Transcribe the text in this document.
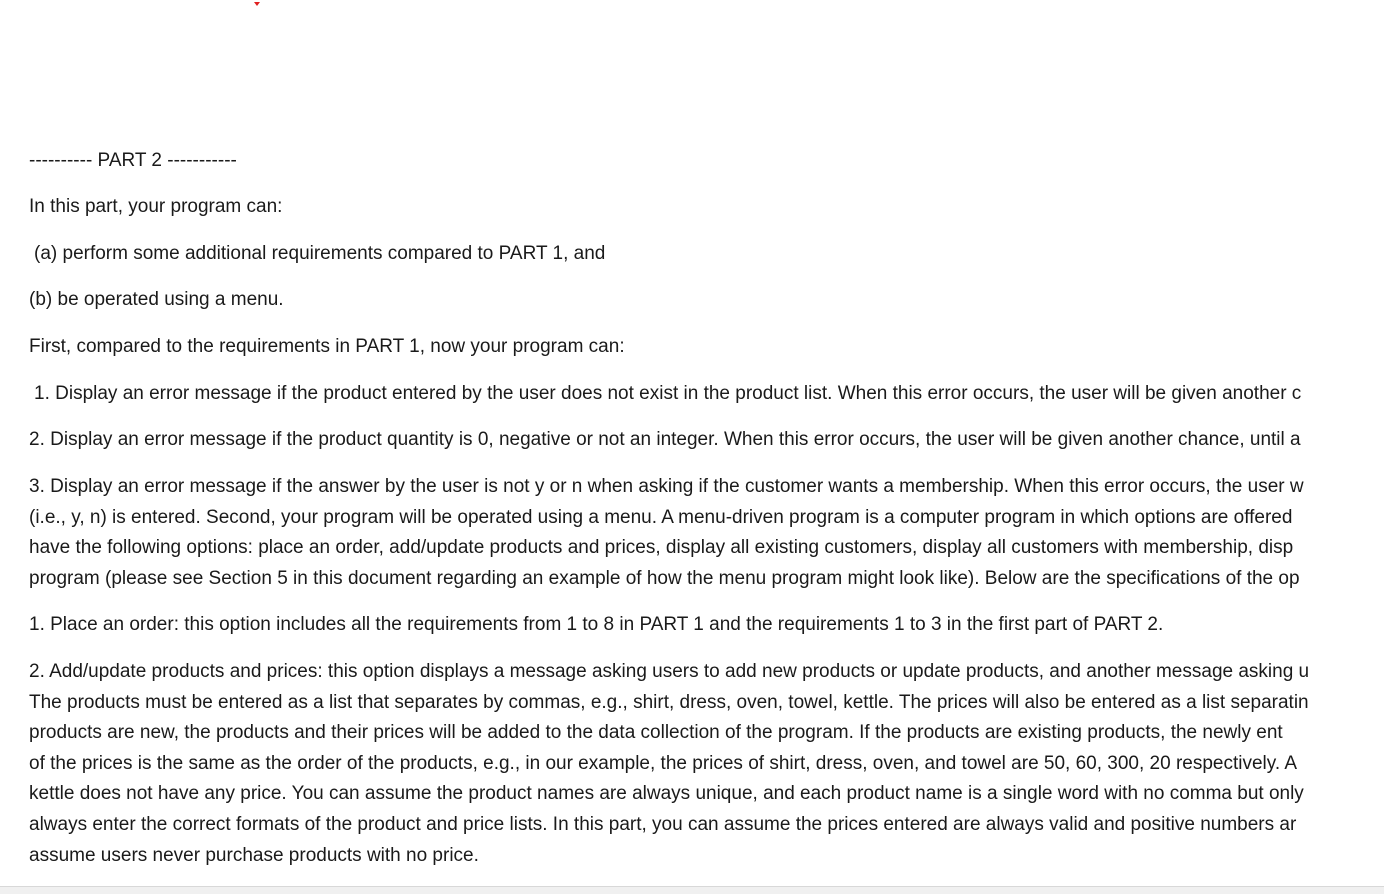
---------- PART 2 -----------
In this part, your program can:
(a) perform some additional requirements compared to PART 1, and
(b) be operated using a menu.
First, compared to the requirements in PART 1, now your program can:
1. Display an error message if the product entered by the user does not exist in the product list. When this error occurs, the user will be given another c
2. Display an error message if the product quantity is 0, negative or not an integer. When this error occurs, the user will be given another chance, until a
3. Display an error message if the answer by the user is not y or n when asking if the customer wants a membership. When this error occurs, the user w
(i.e., y, n) is entered. Second, your program will be operated using a menu. A menu-driven program is a computer program in which options are offered
have the following options: place an order, add/update products and prices, display all existing customers, display all customers with membership, disp
program (please see Section 5 in this document regarding an example of how the menu program might look like). Below are the specifications of the op
1. Place an order: this option includes all the requirements from 1 to 8 in PART 1 and the requirements 1 to 3 in the first part of PART 2.
2. Add/update products and prices: this option displays a message asking users to add new products or update products, and another message asking u
The products must be entered as a list that separates by commas, e.g., shirt, dress, oven, towel, kettle. The prices will also be entered as a list separatin
products are new, the products and their prices will be added to the data collection of the program. If the products are existing products, the newly ent
of the prices is the same as the order of the products, e.g., in our example, the prices of shirt, dress, oven, and towel are 50, 60, 300, 20 respectively. A
kettle does not have any price. You can assume the product names are always unique, and each product name is a single word with no comma but only
always enter the correct formats of the product and price lists. In this part, you can assume the prices entered are always valid and positive numbers ar
assume users never purchase products with no price.
